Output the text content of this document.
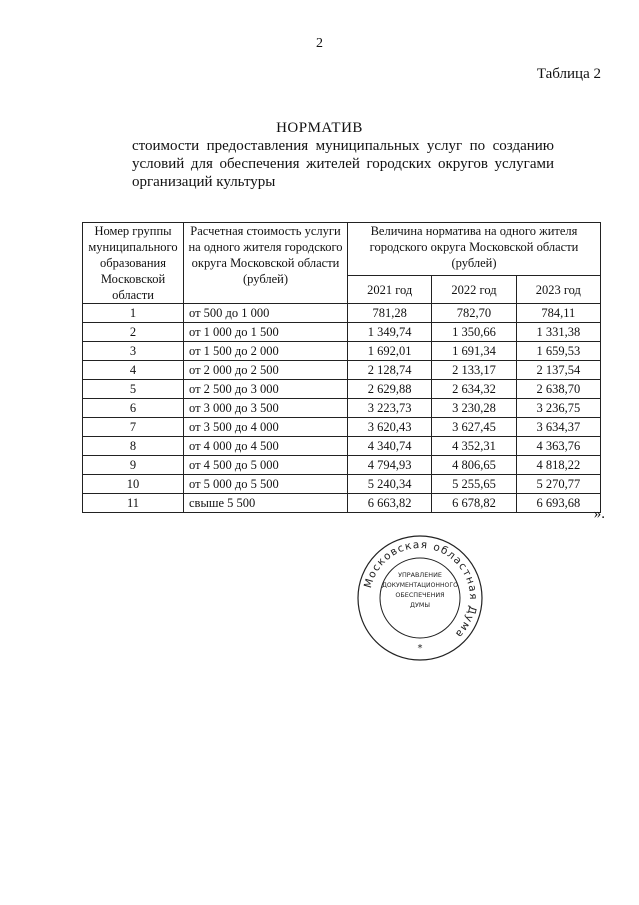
2
Таблица 2
НОРМАТИВ
стоимости предоставления муниципальных услуг по созданию условий для обеспечения жителей городских округов услугами организаций культуры
Номер группы муниципального образования Московской области	Расчетная стоимость услуги на одного жителя городского округа Московской области (рублей)	Величина норматива на одного жителя городского округа Московской области (рублей)		
		2021 год	2022 год	2023 год
1	от 500 до 1 000	781,28	782,70	784,11
2	от 1 000 до 1 500	1 349,74	1 350,66	1 331,38
3	от 1 500 до 2 000	1 692,01	1 691,34	1 659,53
4	от 2 000 до 2 500	2 128,74	2 133,17	2 137,54
5	от 2 500 до 3 000	2 629,88	2 634,32	2 638,70
6	от 3 000 до 3 500	3 223,73	3 230,28	3 236,75
7	от 3 500 до 4 000	3 620,43	3 627,45	3 634,37
8	от 4 000 до 4 500	4 340,74	4 352,31	4 363,76
9	от 4 500 до 5 000	4 794,93	4 806,65	4 818,22
10	от 5 000 до 5 500	5 240,34	5 255,65	5 270,77
11	свыше 5 500	6 663,82	6 678,82	6 693,68
».
Московская областная Дума
УПРАВЛЕНИЕ
ДОКУМЕНТАЦИОННОГО
ОБЕСПЕЧЕНИЯ
ДУМЫ
*
